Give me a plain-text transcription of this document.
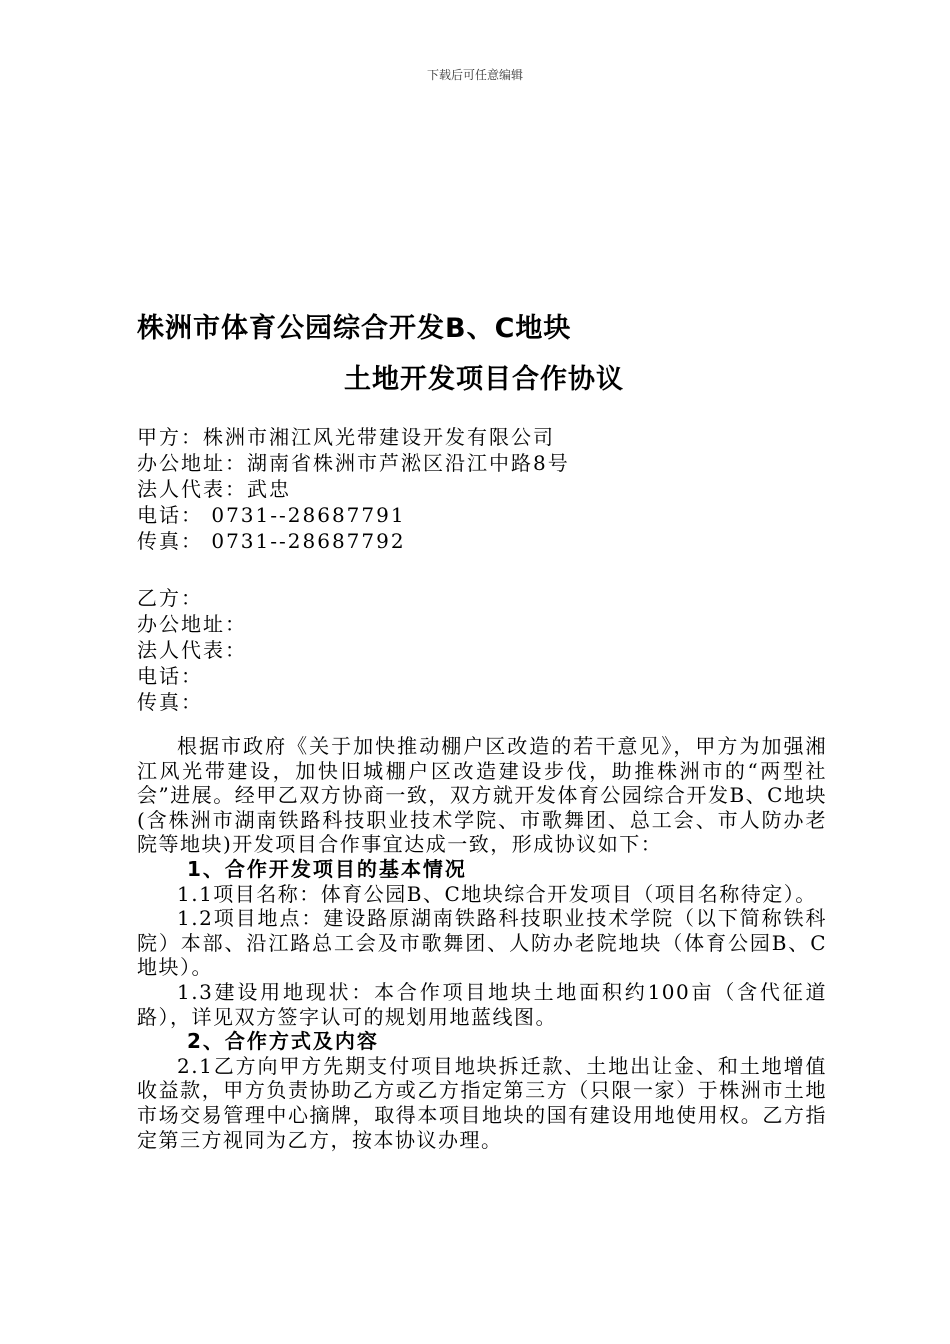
下载后可任意编辑
株洲市体育公园综合开发B、C地块
土地开发项目合作协议
甲方：株洲市湘江风光带建设开发有限公司
办公地址：湖南省株洲市芦淞区沿江中路8号
法人代表：武忠
电话： 0731--28687791
传真： 0731--28687792
乙方：
办公地址：
法人代表：
电话：
传真：

根据市政府《关于加快推动棚户区改造的若干意见》，甲方为加强湘江风光带建设，加快旧城棚户区改造建设步伐，助推株洲市的“两型社会”进展。经甲乙双方协商一致，双方就开发体育公园综合开发B、C地块(含株洲市湖南铁路科技职业技术学院、市歌舞团、总工会、市人防办老院等地块)开发项目合作事宜达成一致，形成协议如下：

1、合作开发项目的基本情况

1.1项目名称：体育公园B、C地块综合开发项目（项目名称待定）。

1.2项目地点：建设路原湖南铁路科技职业技术学院（以下简称铁科院）本部、沿江路总工会及市歌舞团、人防办老院地块（体育公园B、C地块）。

1.3建设用地现状：本合作项目地块土地面积约100亩（含代征道路），详见双方签字认可的规划用地蓝线图。

2、合作方式及内容

2.1乙方向甲方先期支付项目地块拆迁款、土地出让金、和土地增值收益款，甲方负责协助乙方或乙方指定第三方（只限一家）于株洲市土地市场交易管理中心摘牌，取得本项目地块的国有建设用地使用权。乙方指定第三方视同为乙方，按本协议办理。
